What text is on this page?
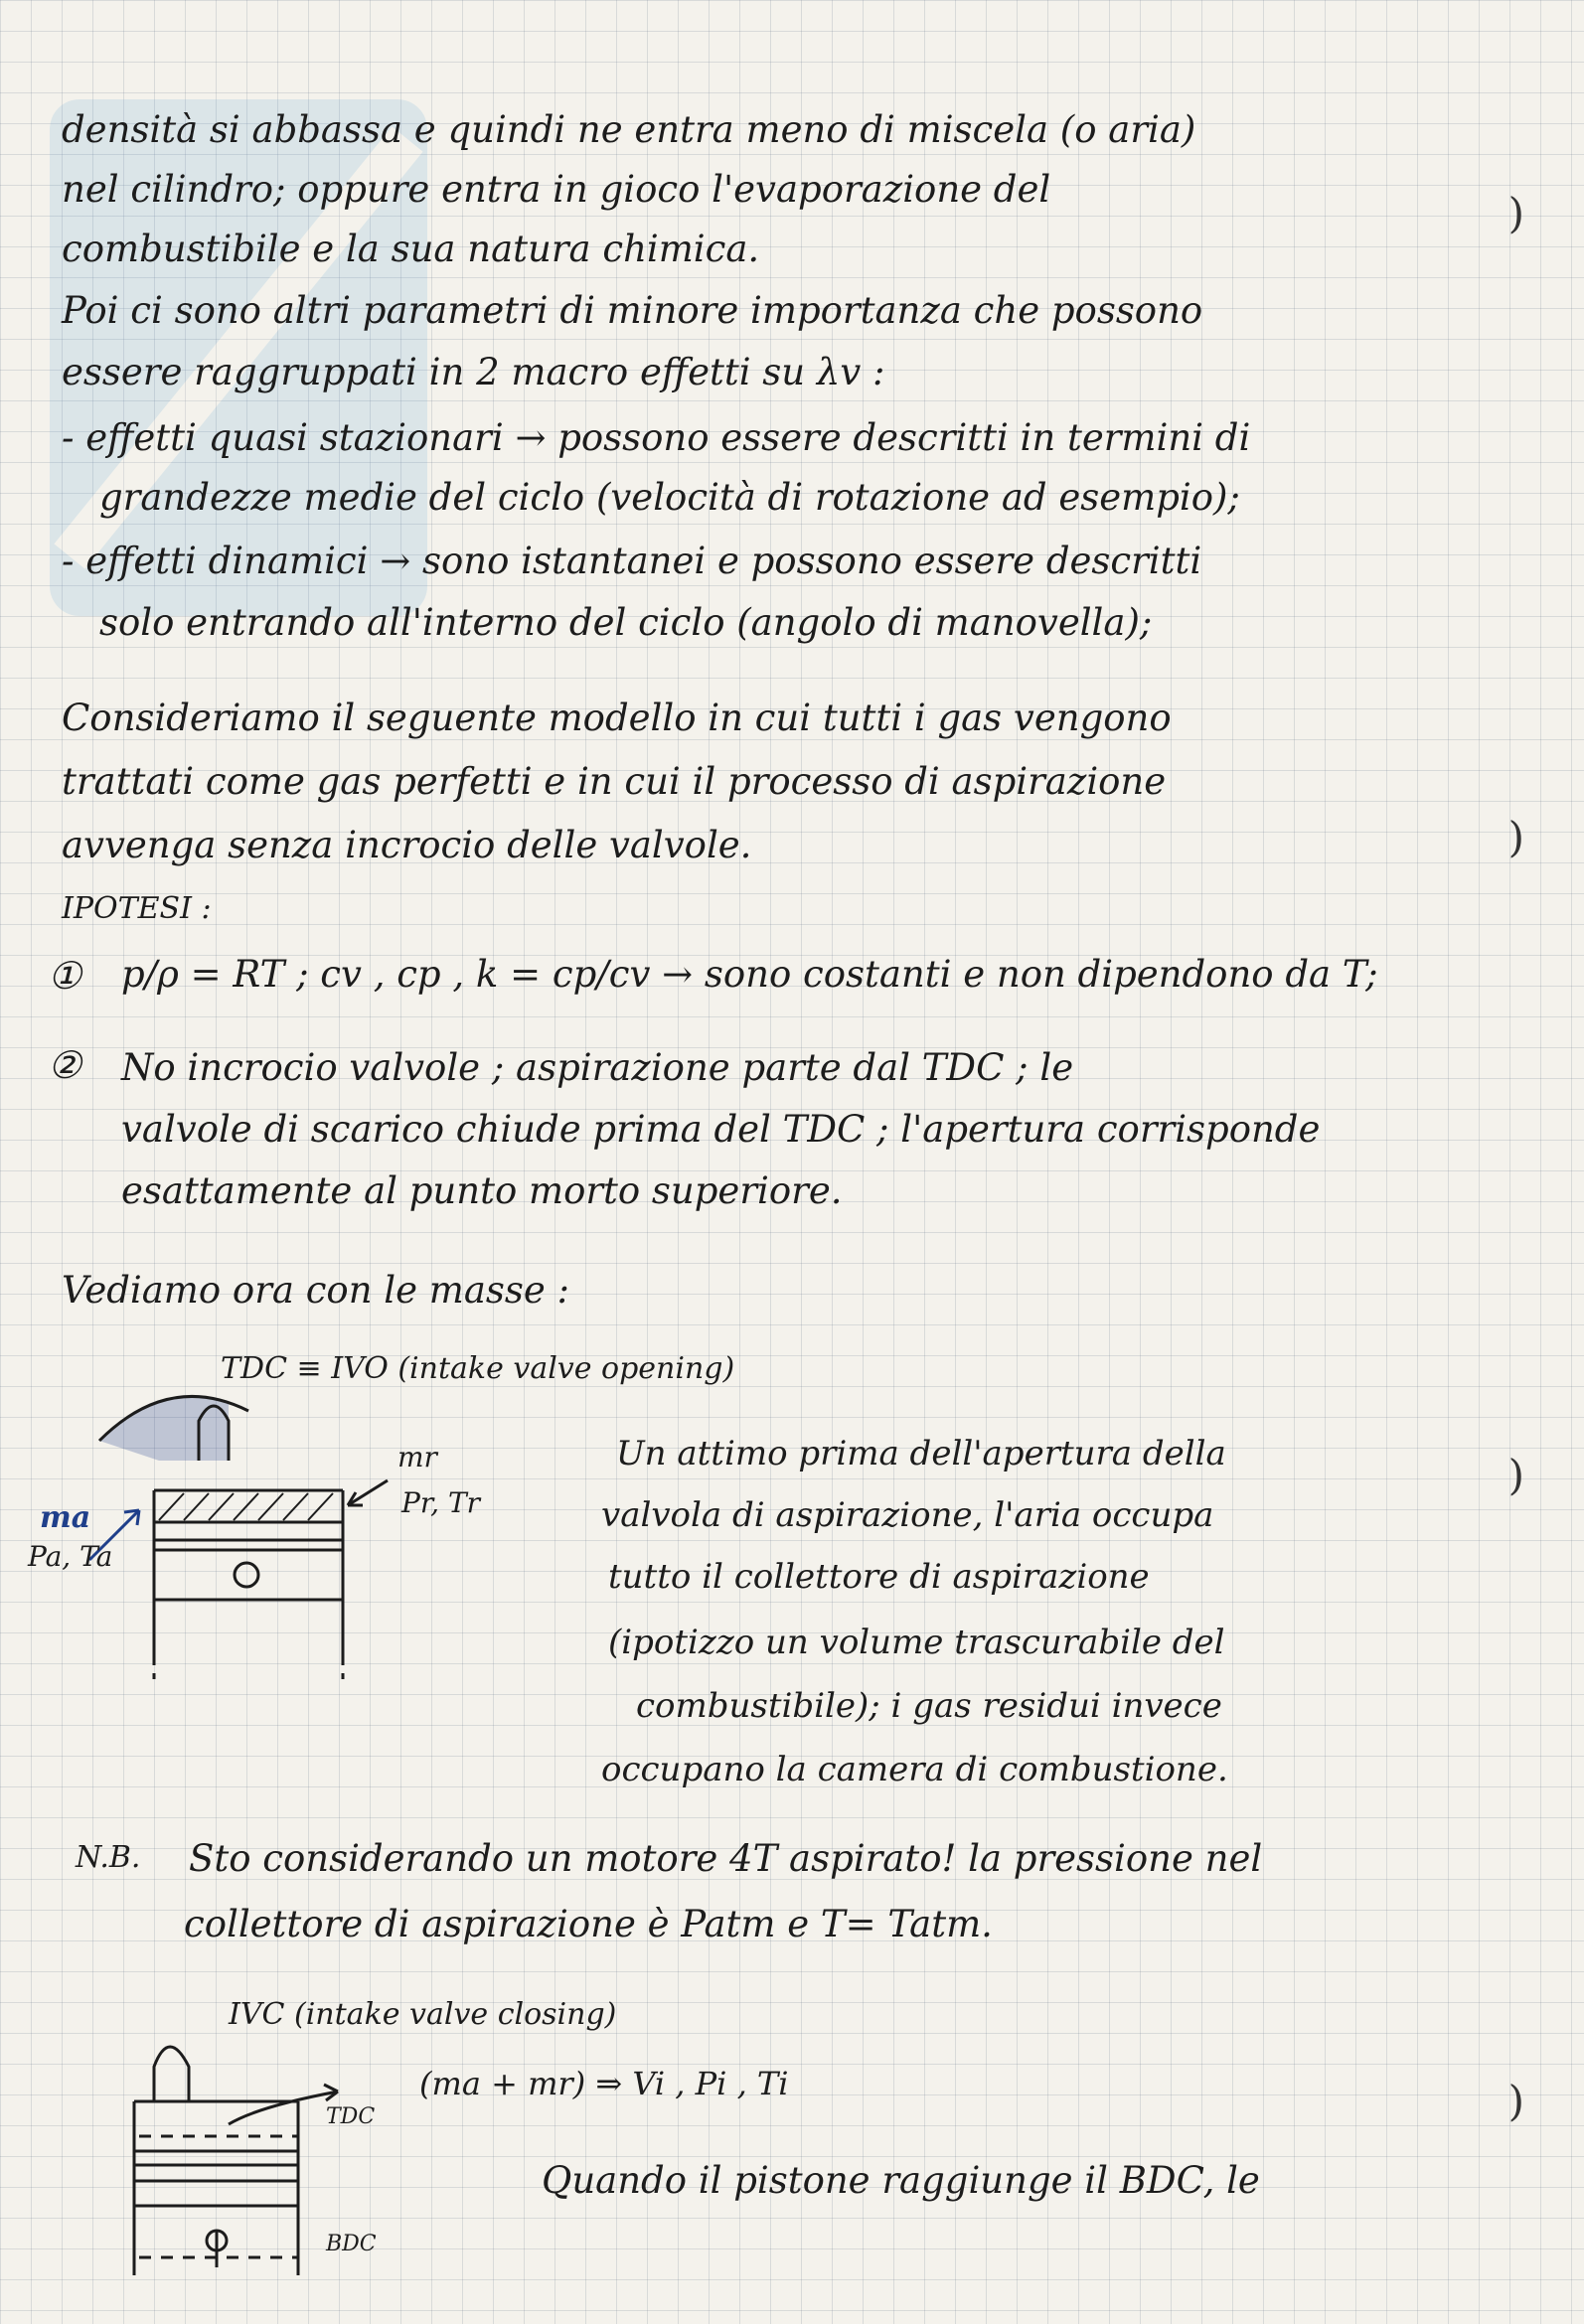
densità si abbassa e quindi ne entra meno di miscela (o aria)

nel cilindro; oppure entra in gioco l'evaporazione del

combustibile e la sua natura chimica.

Poi ci sono altri parametri di minore importanza che possono

essere raggruppati in 2 macro effetti su λv :

- effetti quasi stazionari → possono essere descritti in termini di

grandezze medie del ciclo (velocità di rotazione ad esempio);

- effetti dinamici → sono istantanei e possono essere descritti

solo entrando all'interno del ciclo (angolo di manovella);

Consideriamo il seguente modello in cui tutti i gas vengono

trattati come gas perfetti e in cui il processo di aspirazione

avvenga senza incrocio delle valvole.

IPOTESI :

① p/ρ = RT ; cv , cp , k = cp/cv → sono costanti e non dipendono da T;

② No incrocio valvole ; aspirazione parte dal TDC ; le

valvole di scarico chiude prima del TDC ; l'apertura corrisponde

esattamente al punto morto superiore.

Vediamo ora con le masse :

TDC ≡ IVO (intake valve opening)
mr
Pr, Tr
ma
Pa, Ta

Un attimo prima dell'apertura della

valvola di aspirazione, l'aria occupa

tutto il collettore di aspirazione

(ipotizzo un volume trascurabile del

combustibile); i gas residui invece

occupano la camera di combustione.

N.B. Sto considerando un motore 4T aspirato! la pressione nel

collettore di aspirazione è Patm e T= Tatm.

IVC (intake valve closing)
(ma + mr) ⇒ Vi , Pi , Ti
TDC
BDC

Quando il pistone raggiunge il BDC, le

)
)
)
)
